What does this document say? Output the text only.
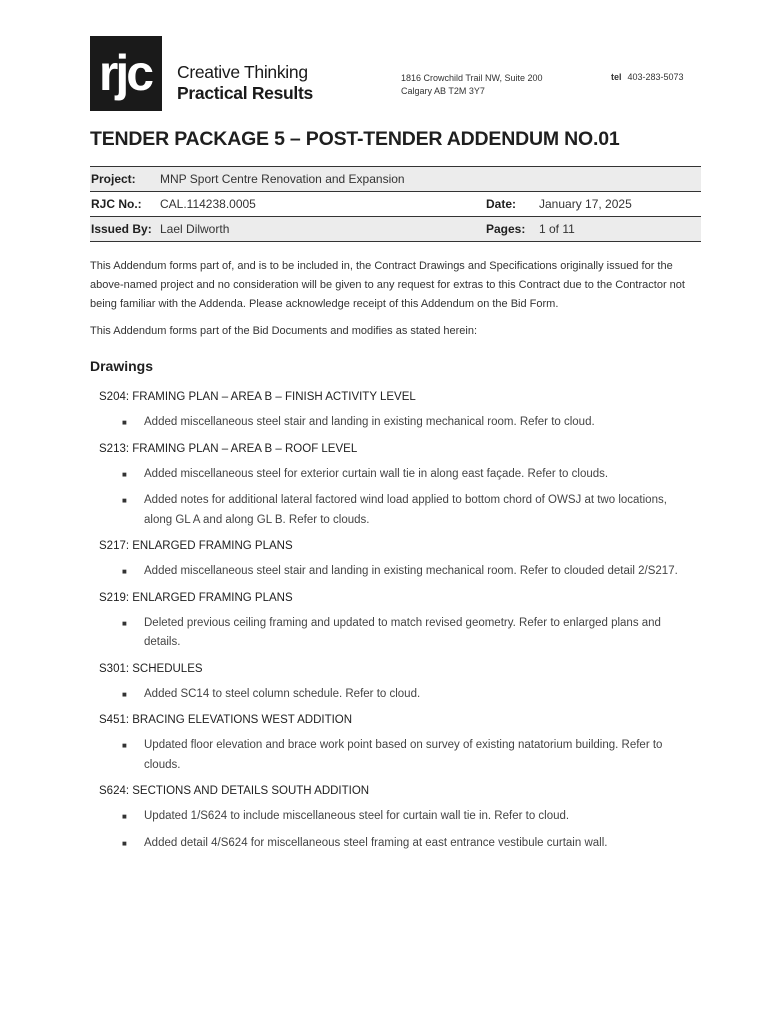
rjc	Creative Thinking
Practical Results
1816 Crowchild Trail NW, Suite 200
Calgary AB T2M 3Y7
tel 403-283-5073
TENDER PACKAGE 5 – POST-TENDER ADDENDUM NO.01
Project: MNP Sport Centre Renovation and Expansion
RJC No.: CAL.114238.0005	Date: January 17, 2025
Issued By: Lael Dilworth	Pages: 1 of 11
This Addendum forms part of, and is to be included in, the Contract Drawings and Specifications originally issued for the above-named project and no consideration will be given to any request for extras to this Contract due to the Contractor not being familiar with the Addenda. Please acknowledge receipt of this Addendum on the Bid Form.
This Addendum forms part of the Bid Documents and modifies as stated herein:
Drawings
S204: FRAMING PLAN – AREA B – FINISH ACTIVITY LEVEL
■ Added miscellaneous steel stair and landing in existing mechanical room. Refer to cloud.
S213: FRAMING PLAN – AREA B – ROOF LEVEL
■ Added miscellaneous steel for exterior curtain wall tie in along east façade. Refer to clouds.
■ Added notes for additional lateral factored wind load applied to bottom chord of OWSJ at two locations, along GL A and along GL B. Refer to clouds.
S217: ENLARGED FRAMING PLANS
■ Added miscellaneous steel stair and landing in existing mechanical room. Refer to clouded detail 2/S217.
S219: ENLARGED FRAMING PLANS
■ Deleted previous ceiling framing and updated to match revised geometry. Refer to enlarged plans and details.
S301: SCHEDULES
■ Added SC14 to steel column schedule. Refer to cloud.
S451: BRACING ELEVATIONS WEST ADDITION
■ Updated floor elevation and brace work point based on survey of existing natatorium building. Refer to clouds.
S624: SECTIONS AND DETAILS SOUTH ADDITION
■ Updated 1/S624 to include miscellaneous steel for curtain wall tie in. Refer to cloud.
■ Added detail 4/S624 for miscellaneous steel framing at east entrance vestibule curtain wall.
